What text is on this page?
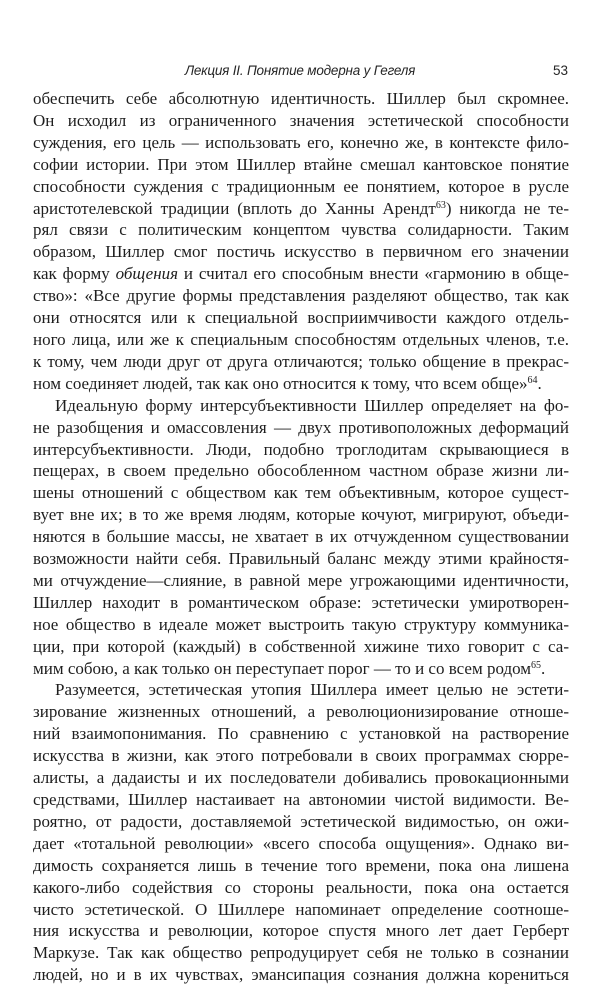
Лекция II. Понятие модерна у Гегеля	53
обеспечить себе абсолютную идентичность. Шиллер был скромнее.
Он исходил из ограниченного значения эстетической способности
суждения, его цель — использовать его, конечно же, в контексте фило-
софии истории. При этом Шиллер втайне смешал кантовское понятие
способности суждения с традиционным ее понятием, которое в русле
аристотелевской традиции (вплоть до Ханны Арендт$^{63}$) никогда не те-
рял связи с политическим концептом чувства солидарности. Таким
образом, Шиллер смог постичь искусство в первичном его значении
как форму общения и считал его способным внести «гармонию в обще-
ство»: «Все другие формы представления разделяют общество, так как
они относятся или к специальной восприимчивости каждого отдель-
ного лица, или же к специальным способностям отдельных членов, т.е.
к тому, чем люди друг от друга отличаются; только общение в прекрас-
ном соединяет людей, так как оно относится к тому, что всем обще»$^{64}$.
Идеальную форму интерсубъективности Шиллер определяет на фо-
не разобщения и омассовления — двух противоположных деформаций
интерсубъективности. Люди, подобно троглодитам скрывающиеся в
пещерах, в своем предельно обособленном частном образе жизни ли-
шены отношений с обществом как тем объективным, которое сущест-
вует вне их; в то же время людям, которые кочуют, мигрируют, объеди-
няются в большие массы, не хватает в их отчужденном существовании
возможности найти себя. Правильный баланс между этими крайностя-
ми отчуждение—слияние, в равной мере угрожающими идентичности,
Шиллер находит в романтическом образе: эстетически умиротворен-
ное общество в идеале может выстроить такую структуру коммуника-
ции, при которой (каждый) в собственной хижине тихо говорит с са-
мим собою, а как только он переступает порог — то и со всем родом$^{65}$.
Разумеется, эстетическая утопия Шиллера имеет целью не эстети-
зирование жизненных отношений, а революционизирование отноше-
ний взаимопонимания. По сравнению с установкой на растворение
искусства в жизни, как этого потребовали в своих программах сюрре-
алисты, а дадаисты и их последователи добивались провокационными
средствами, Шиллер настаивает на автономии чистой видимости. Ве-
роятно, от радости, доставляемой эстетической видимостью, он ожи-
дает «тотальной революции» «всего способа ощущения». Однако ви-
димость сохраняется лишь в течение того времени, пока она лишена
какого-либо содействия со стороны реальности, пока она остается
чисто эстетической. О Шиллере напоминает определение соотноше-
ния искусства и революции, которое спустя много лет дает Герберт
Маркузе. Так как общество репродуцирует себя не только в сознании
людей, но и в их чувствах, эмансипация сознания должна корениться
